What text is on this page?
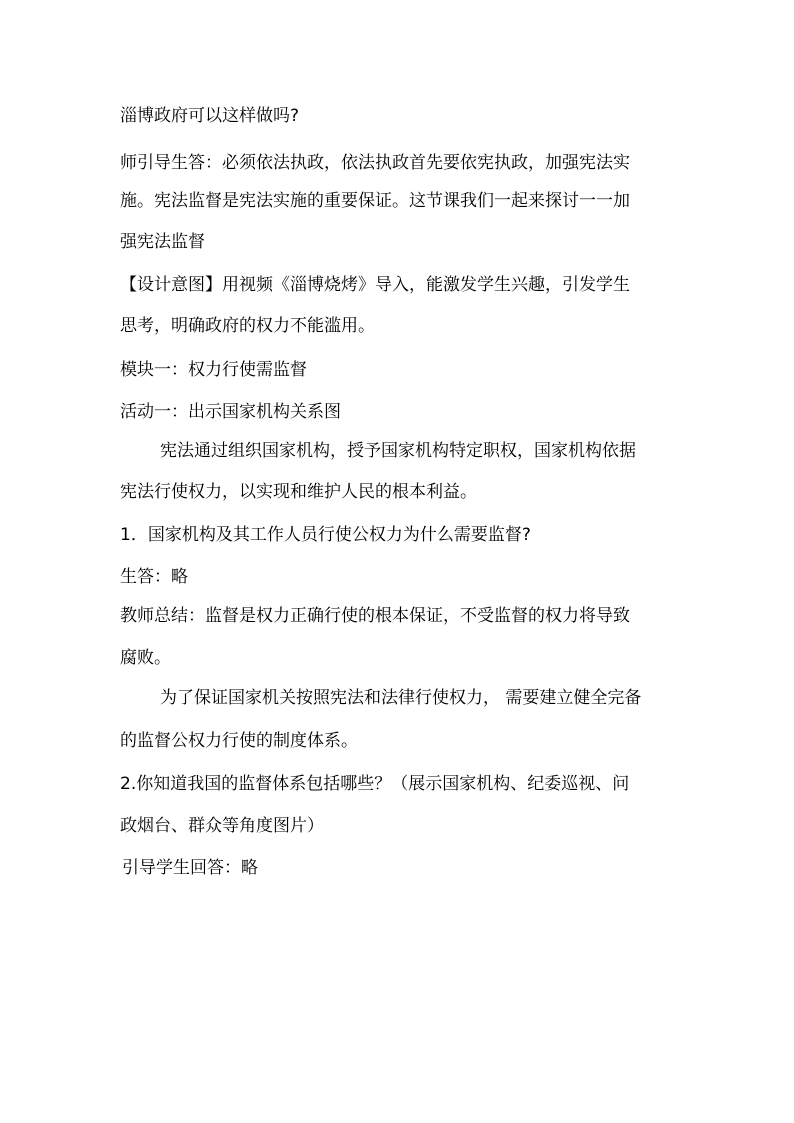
淄博政府可以这样做吗?
师引导生答：必须依法执政，依法执政首先要依宪执政，加强宪法实
施。宪法监督是宪法实施的重要保证。这节课我们一起来探讨一一加
强宪法监督
【设计意图】用视频《淄博烧烤》导入，能激发学生兴趣，引发学生
思考，明确政府的权力不能滥用。
模块一：权力行使需监督
活动一：出示国家机构关系图
宪法通过组织国家机构，授予国家机构特定职权，国家机构依据
宪法行使权力，以实现和维护人民的根本利益。
1．国家机构及其工作人员行使公权力为什么需要监督?
生答：略
教师总结：监督是权力正确行使的根本保证，不受监督的权力将导致
腐败。
为了保证国家机关按照宪法和法律行使权力， 需要建立健全完备
的监督公权力行使的制度体系。
2.你知道我国的监督体系包括哪些？（展示国家机构、纪委巡视、问
政烟台、群众等角度图片）
引导学生回答：略
